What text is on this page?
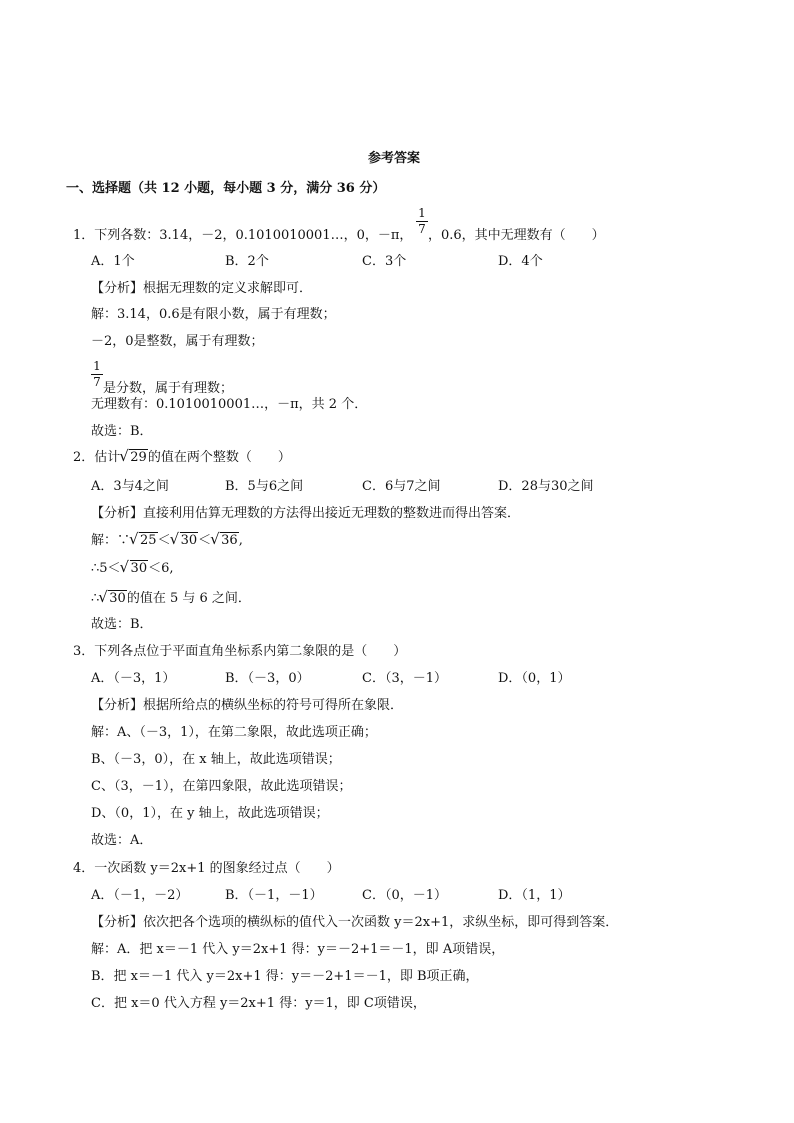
参考答案
一、选择题（共 12 小题，每小题 3 分，满分 36 分）
1．下列各数：3.14，－2，0.1010010001…，0，－π，
1
7 ，0.6，其中无理数有（　　）
A．1个	B．2个	C．3个	D．4个
【分析】根据无理数的定义求解即可．
解：3.14，0.6是有限小数，属于有理数；
－2，0是整数，属于有理数；
1
7 是分数，属于有理数；
无理数有：0.1010010001…，－π，共 2 个．
故选：B．
2．估计 √ 29的值在两个整数（　　）
A．3与4之间	B．5与6之间	C．6与7之间	D．28与30之间
【分析】直接利用估算无理数的方法得出接近无理数的整数进而得出答案．
解：∵ √ 25＜ √ 30＜ √ 36,
∴5＜ √ 30＜6,
∴ √ 30的值在 5 与 6 之间．
故选：B．
3．下列各点位于平面直角坐标系内第二象限的是（　　）
A．（－3，1）	B．（－3，0）	C．（3，－1）	D．（0，1）
【分析】根据所给点的横纵坐标的符号可得所在象限．
解：A、（－3，1），在第二象限，故此选项正确；
B、（－3，0），在 x 轴上，故此选项错误；
C、（3，－1），在第四象限，故此选项错误；
D、（0，1），在 y 轴上，故此选项错误；
故选：A．
4．一次函数 y＝2x+1 的图象经过点（　　）
A．（－1，－2）	B．（－1，－1）	C．（0，－1）	D．（1，1）
【分析】依次把各个选项的横纵标的值代入一次函数 y＝2x+1，求纵坐标，即可得到答案．
解：A．把 x＝－1 代入 y＝2x+1 得：y＝－2+1＝－1，即 A项错误，
B．把 x＝－1 代入 y＝2x+1 得：y＝－2+1＝－1，即 B项正确，
C．把 x＝0 代入方程 y＝2x+1 得：y＝1，即 C项错误，
